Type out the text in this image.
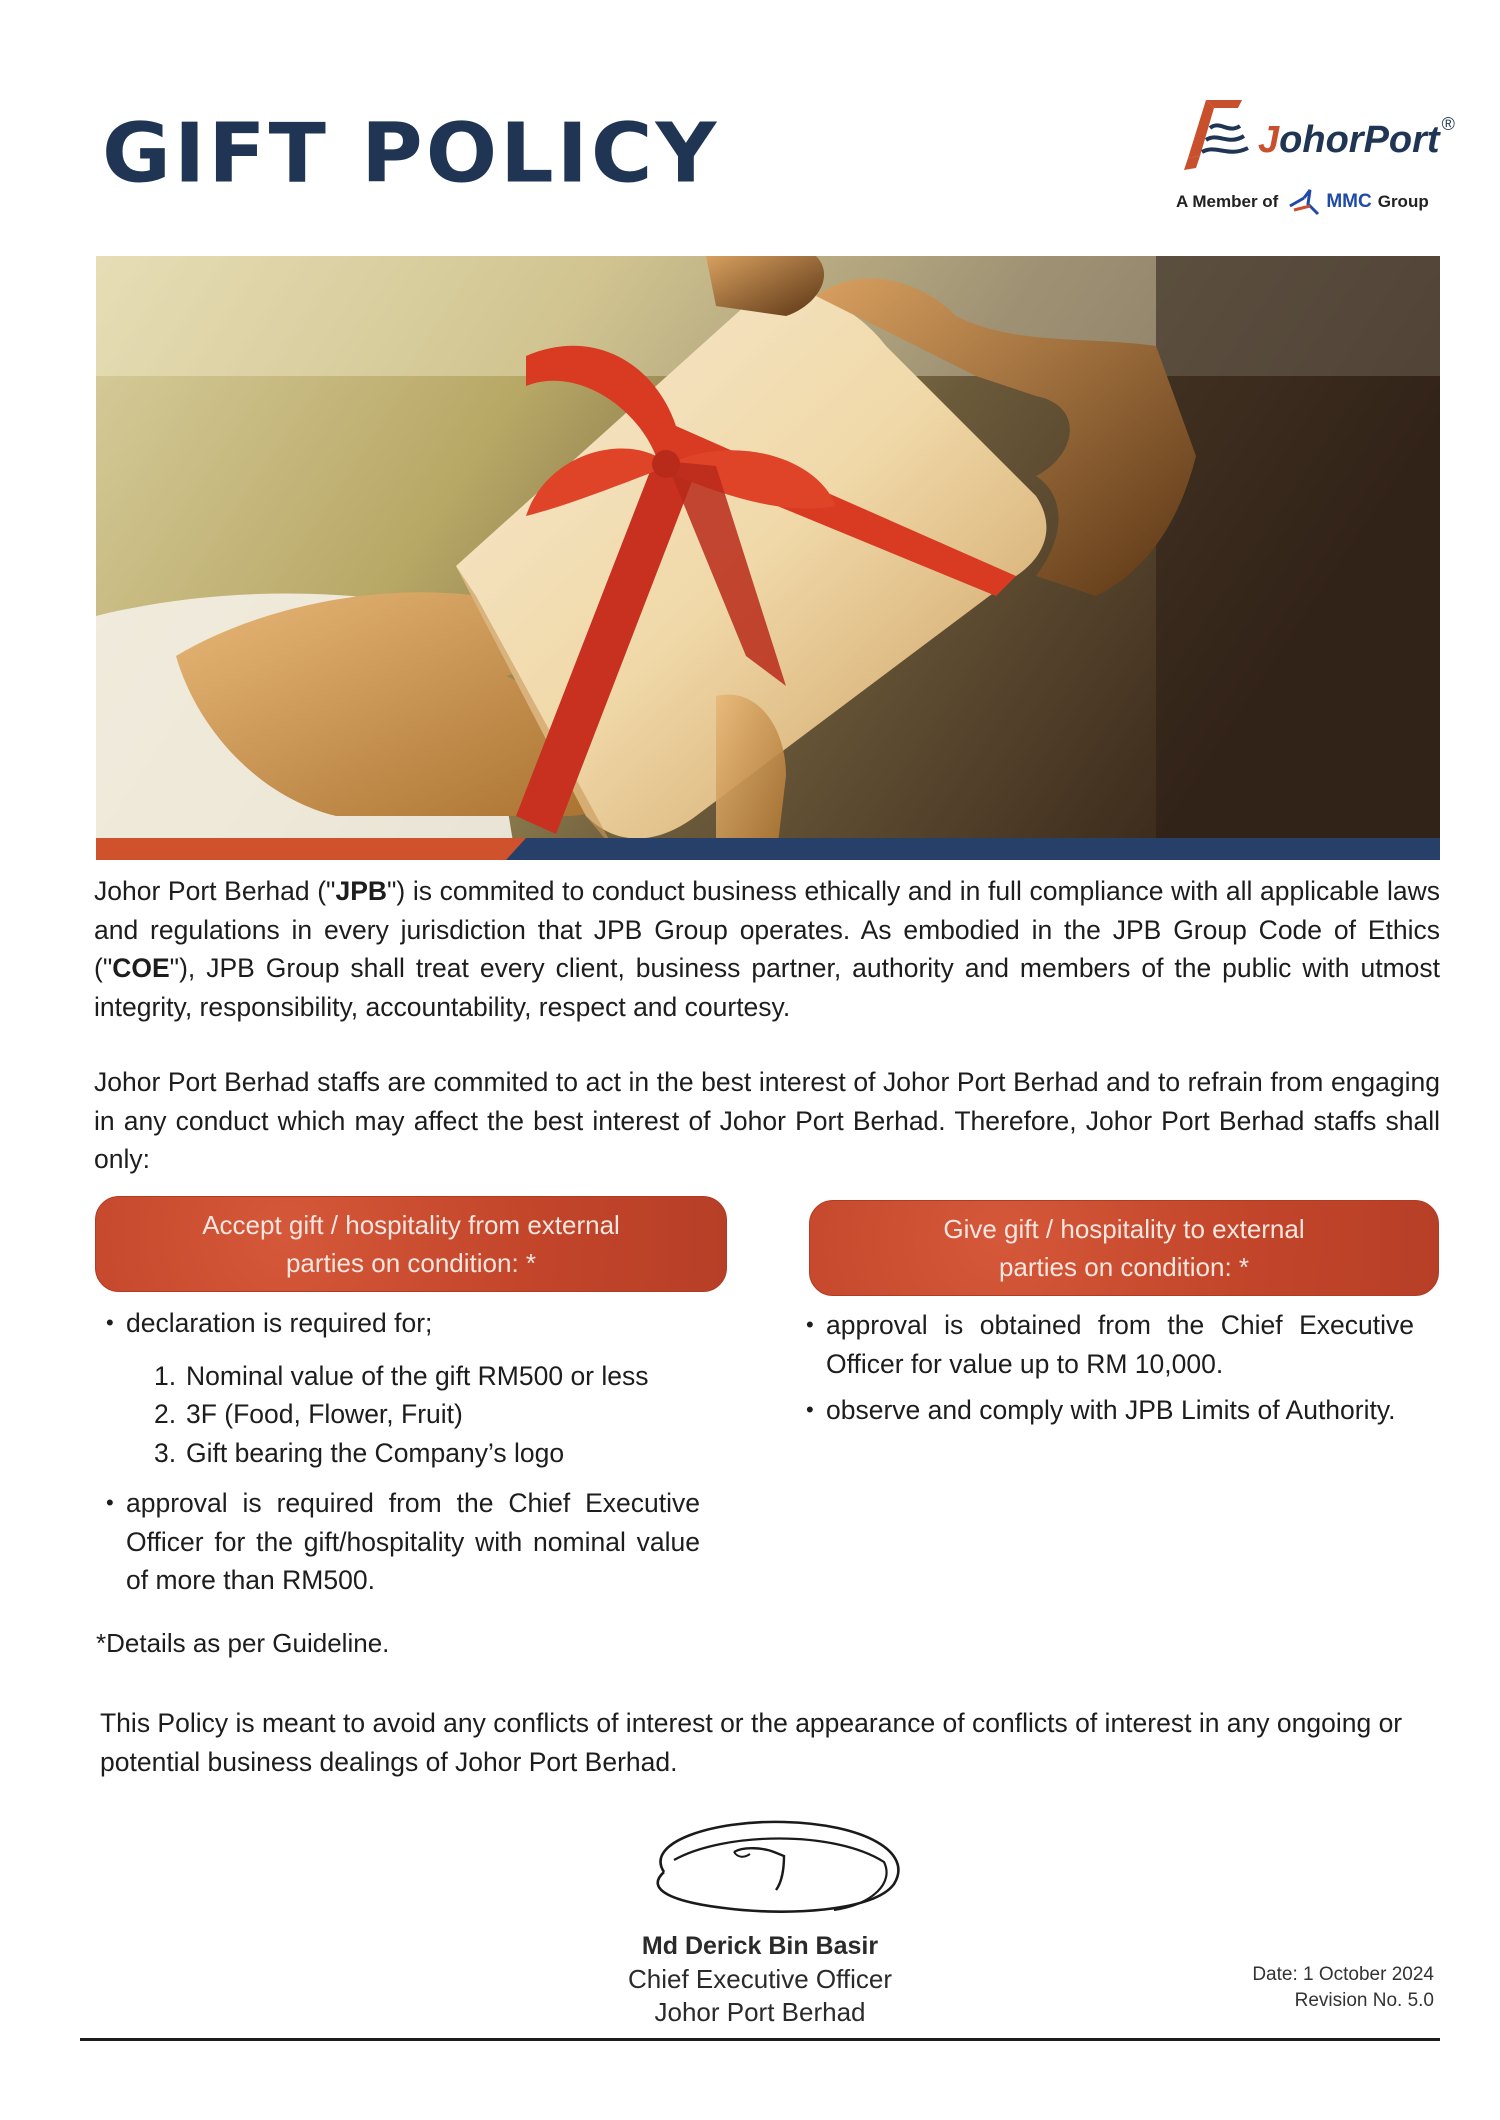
GIFT POLICY	JohorPort ®
A Member of	MMC Group
Johor Port Berhad ("JPB") is commited to conduct business ethically and in full compliance with all applicable laws and regulations in every jurisdiction that JPB Group operates. As embodied in the JPB Group Code of Ethics ("COE"), JPB Group shall treat every client, business partner, authority and members of the public with utmost integrity, responsibility, accountability, respect and courtesy.
Johor Port Berhad staffs are commited to act in the best interest of Johor Port Berhad and to refrain from engaging in any conduct which may affect the best interest of Johor Port Berhad. Therefore, Johor Port Berhad staffs shall only:
Accept gift / hospitality from external
parties on condition: *
Give gift / hospitality to external
parties on condition: *
• declaration is required for;
1. Nominal value of the gift RM500 or less
2. 3F (Food, Flower, Fruit)
3. Gift bearing the Company’s logo
• approval is required from the Chief Executive Officer for the gift/hospitality with nominal value of more than RM500.
• approval is obtained from the Chief Executive Officer for value up to RM 10,000.
• observe and comply with JPB Limits of Authority.
*Details as per Guideline.
This Policy is meant to avoid any conflicts of interest or the appearance of conflicts of interest in any ongoing or potential business dealings of Johor Port Berhad.
Md Derick Bin Basir
Chief Executive Officer
Johor Port Berhad
Date: 1 October 2024
Revision No. 5.0
